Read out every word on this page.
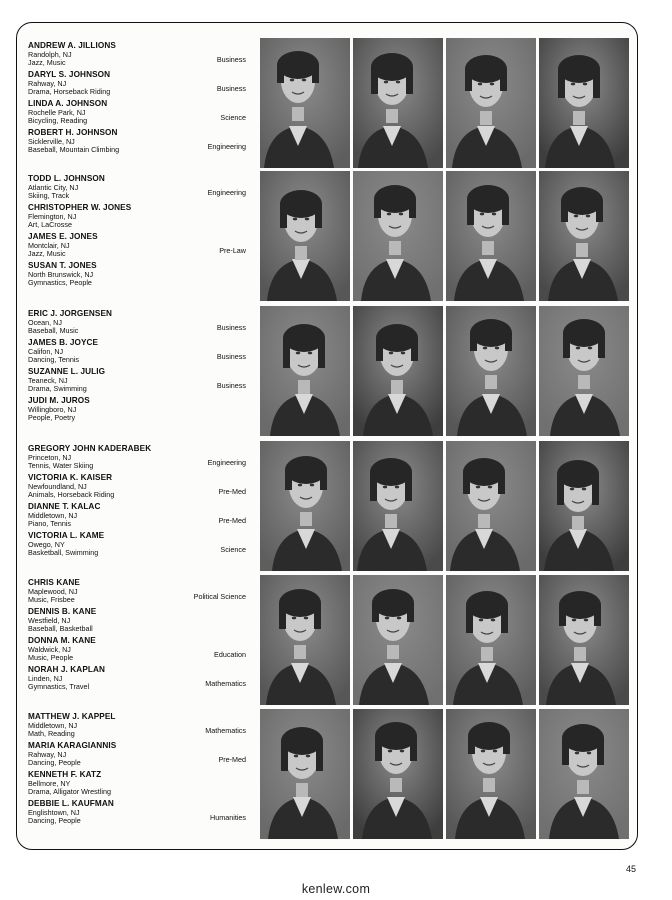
ANDREW A. JILLIONS
Randolph, NJ
Jazz, Music	Business
DARYL S. JOHNSON
Rahway, NJ
Drama, Horseback Riding	Business
LINDA A. JOHNSON
Rochelle Park, NJ
Bicycling, Reading	Science
ROBERT H. JOHNSON
Sicklerville, NJ
Baseball, Mountain Climbing	Engineering
TODD L. JOHNSON
Atlantic City, NJ
Skiing, Track	Engineering
CHRISTOPHER W. JONES
Flemington, NJ
Art, LaCrosse
JAMES E. JONES
Montclair, NJ
Jazz, Music	Pre-Law
SUSAN T. JONES
North Brunswick, NJ
Gymnastics, People
ERIC J. JORGENSEN
Ocean, NJ
Baseball, Music	Business
JAMES B. JOYCE
Califon, NJ
Dancing, Tennis	Business
SUZANNE L. JULIG
Teaneck, NJ
Drama, Swimming	Business
JUDI M. JUROS
Willingboro, NJ
People, Poetry
GREGORY JOHN KADERABEK
Princeton, NJ
Tennis, Water Skiing	Engineering
VICTORIA K. KAISER
Newfoundland, NJ
Animals, Horseback Riding	Pre-Med
DIANNE T. KALAC
Middletown, NJ
Piano, Tennis	Pre-Med
VICTORIA L. KAME
Owego, NY
Basketball, Swimming	Science
CHRIS KANE
Maplewood, NJ
Music, Frisbee	Political Science
DENNIS B. KANE
Westfield, NJ
Baseball, Basketball
DONNA M. KANE
Waldwick, NJ
Music, People	Education
NORAH J. KAPLAN
Linden, NJ
Gymnastics, Travel	Mathematics
MATTHEW J. KAPPEL
Middletown, NJ
Math, Reading	Mathematics
MARIA KARAGIANNIS
Rahway, NJ
Dancing, People	Pre-Med
KENNETH F. KATZ
Bellmore, NY
Drama, Alligator Wrestling
DEBBIE L. KAUFMAN
Englishtown, NJ
Dancing, People	Humanities
45
kenlew.com
